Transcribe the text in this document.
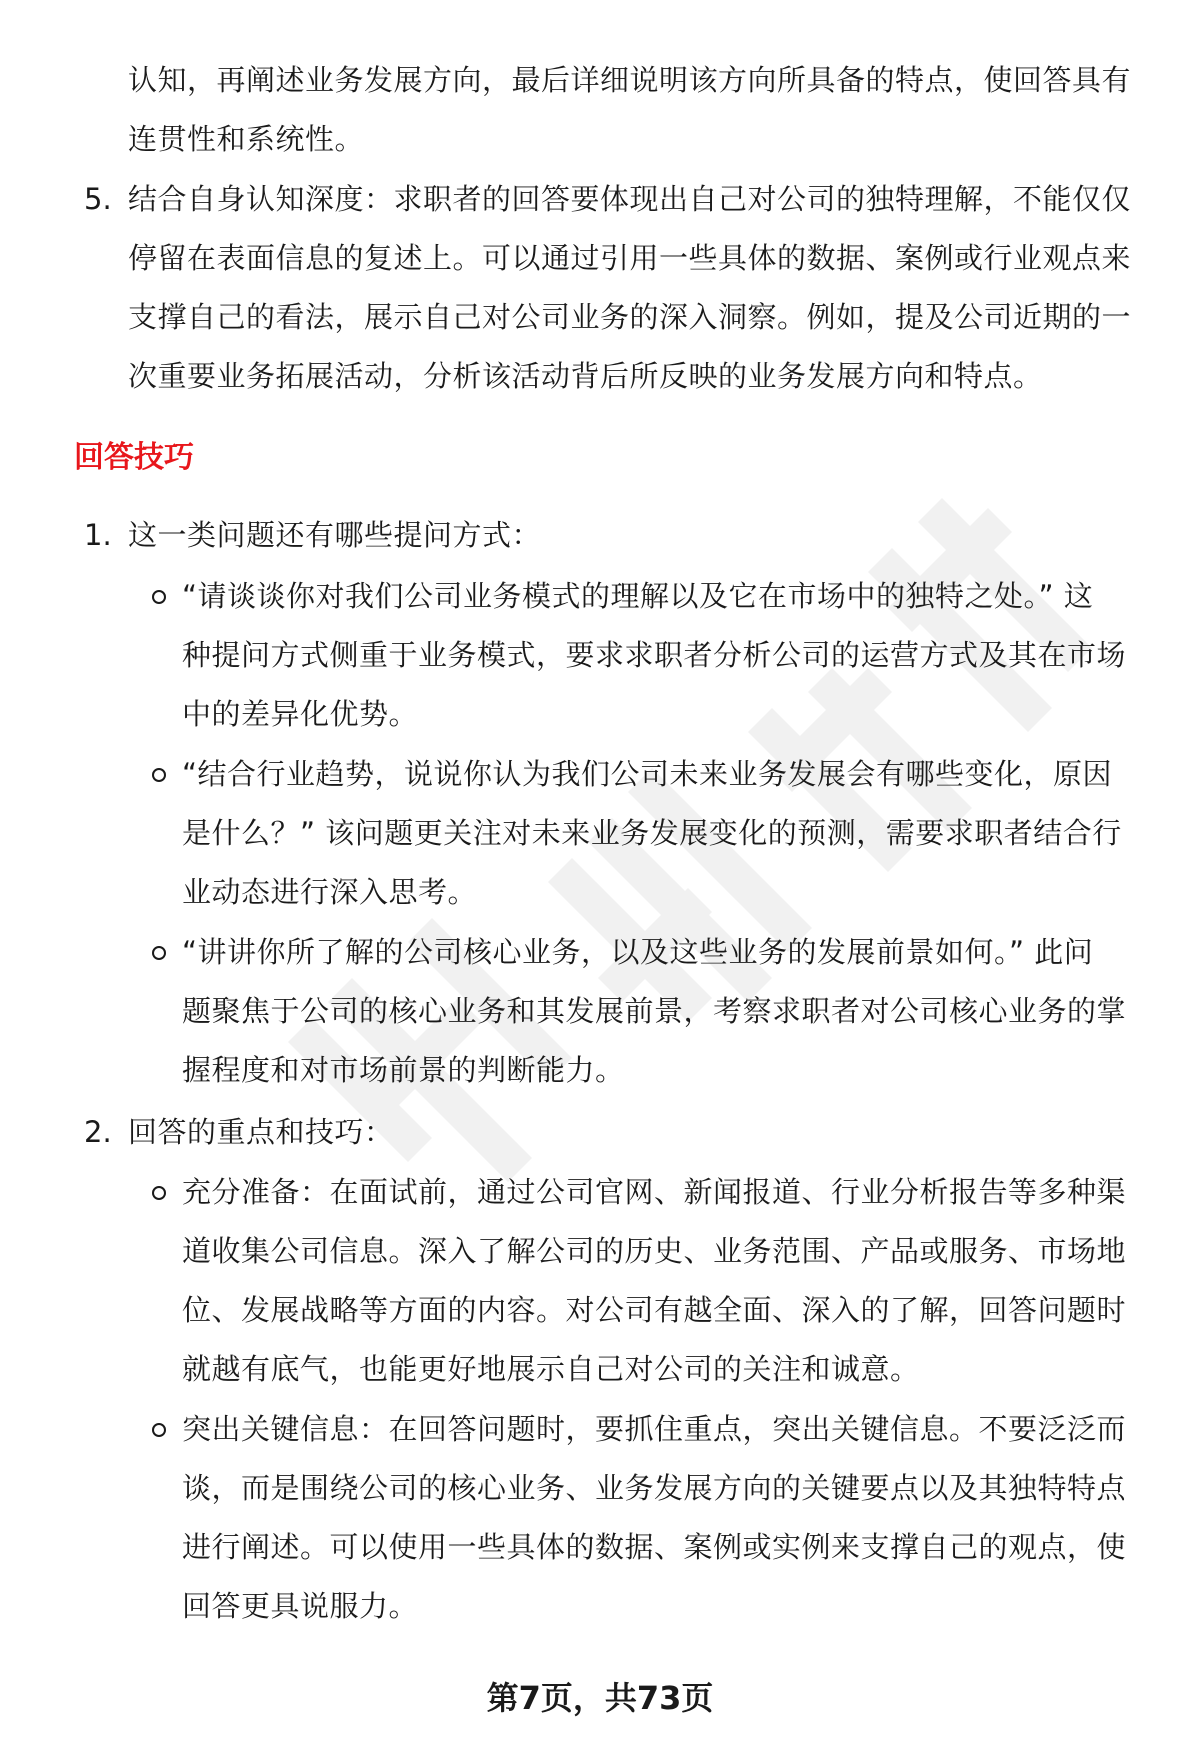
认知，再阐述业务发展方向，最后详细说明该方向所具备的特点，使回答具有
连贯性和系统性。
5. 结合自身认知深度：求职者的回答要体现出自己对公司的独特理解，不能仅仅
停留在表面信息的复述上。可以通过引用一些具体的数据、案例或行业观点来
支撑自己的看法，展示自己对公司业务的深入洞察。例如，提及公司近期的一
次重要业务拓展活动，分析该活动背后所反映的业务发展方向和特点。
回答技巧
1. 这一类问题还有哪些提问方式：
“请谈谈你对我们公司业务模式的理解以及它在市场中的独特之处。” 这
种提问方式侧重于业务模式，要求求职者分析公司的运营方式及其在市场
中的差异化优势。
“结合行业趋势，说说你认为我们公司未来业务发展会有哪些变化，原因
是什么？” 该问题更关注对未来业务发展变化的预测，需要求职者结合行
业动态进行深入思考。
“讲讲你所了解的公司核心业务，以及这些业务的发展前景如何。” 此问
题聚焦于公司的核心业务和其发展前景，考察求职者对公司核心业务的掌
握程度和对市场前景的判断能力。
2. 回答的重点和技巧：
充分准备：在面试前，通过公司官网、新闻报道、行业分析报告等多种渠
道收集公司信息。深入了解公司的历史、业务范围、产品或服务、市场地
位、发展战略等方面的内容。对公司有越全面、深入的了解，回答问题时
就越有底气，也能更好地展示自己对公司的关注和诚意。
突出关键信息：在回答问题时，要抓住重点，突出关键信息。不要泛泛而
谈，而是围绕公司的核心业务、业务发展方向的关键要点以及其独特特点
进行阐述。可以使用一些具体的数据、案例或实例来支撑自己的观点，使
回答更具说服力。
第7页，共73页
